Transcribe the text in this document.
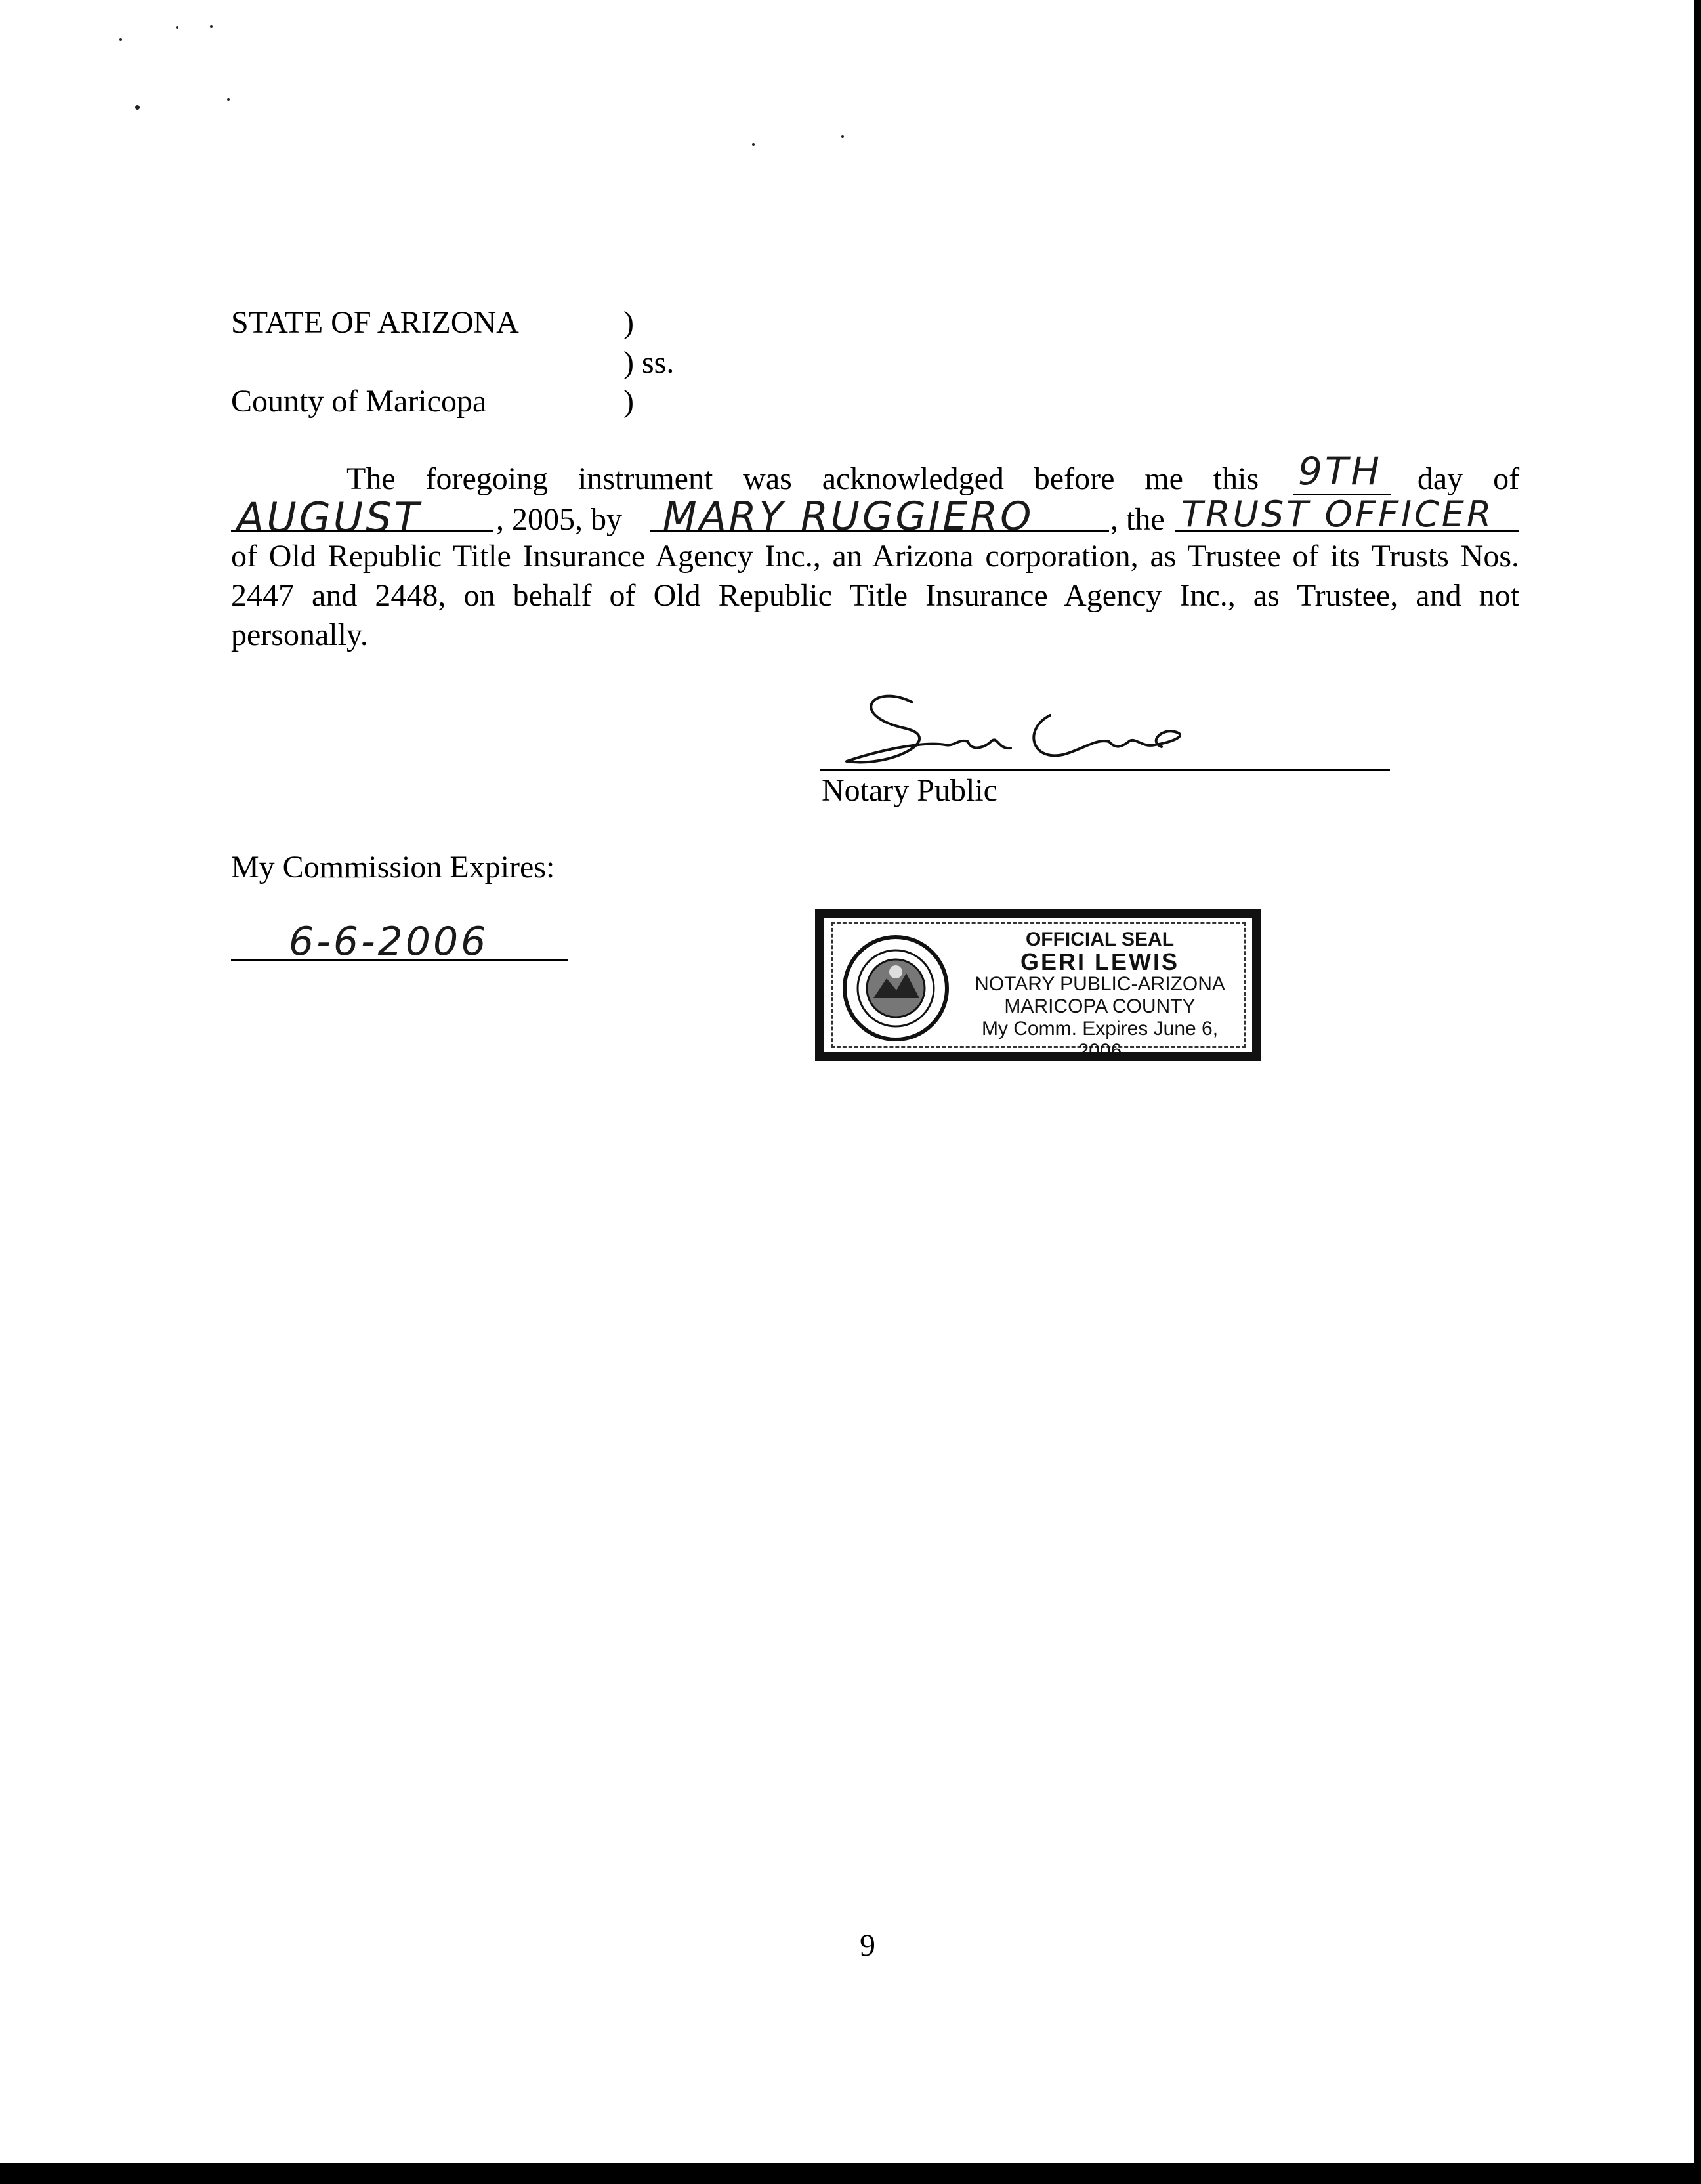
STATE OF ARIZONA	)
) ss.
County of Maricopa	)
The foregoing instrument was acknowledged before me this	day of
9TH
AUGUST , 2005, by MARY RUGGIERO , the TRUST OFFICER
of Old Republic Title Insurance Agency Inc., an Arizona corporation, as Trustee of its Trusts Nos.
2447 and 2448, on behalf of Old Republic Title Insurance Agency Inc., as Trustee, and not
personally.
Notary Public
My Commission Expires:
6-6-2006	OFFICIAL SEAL
GERI LEWIS
NOTARY PUBLIC-ARIZONA
MARICOPA COUNTY
My Comm. Expires June 6, 2006
9
